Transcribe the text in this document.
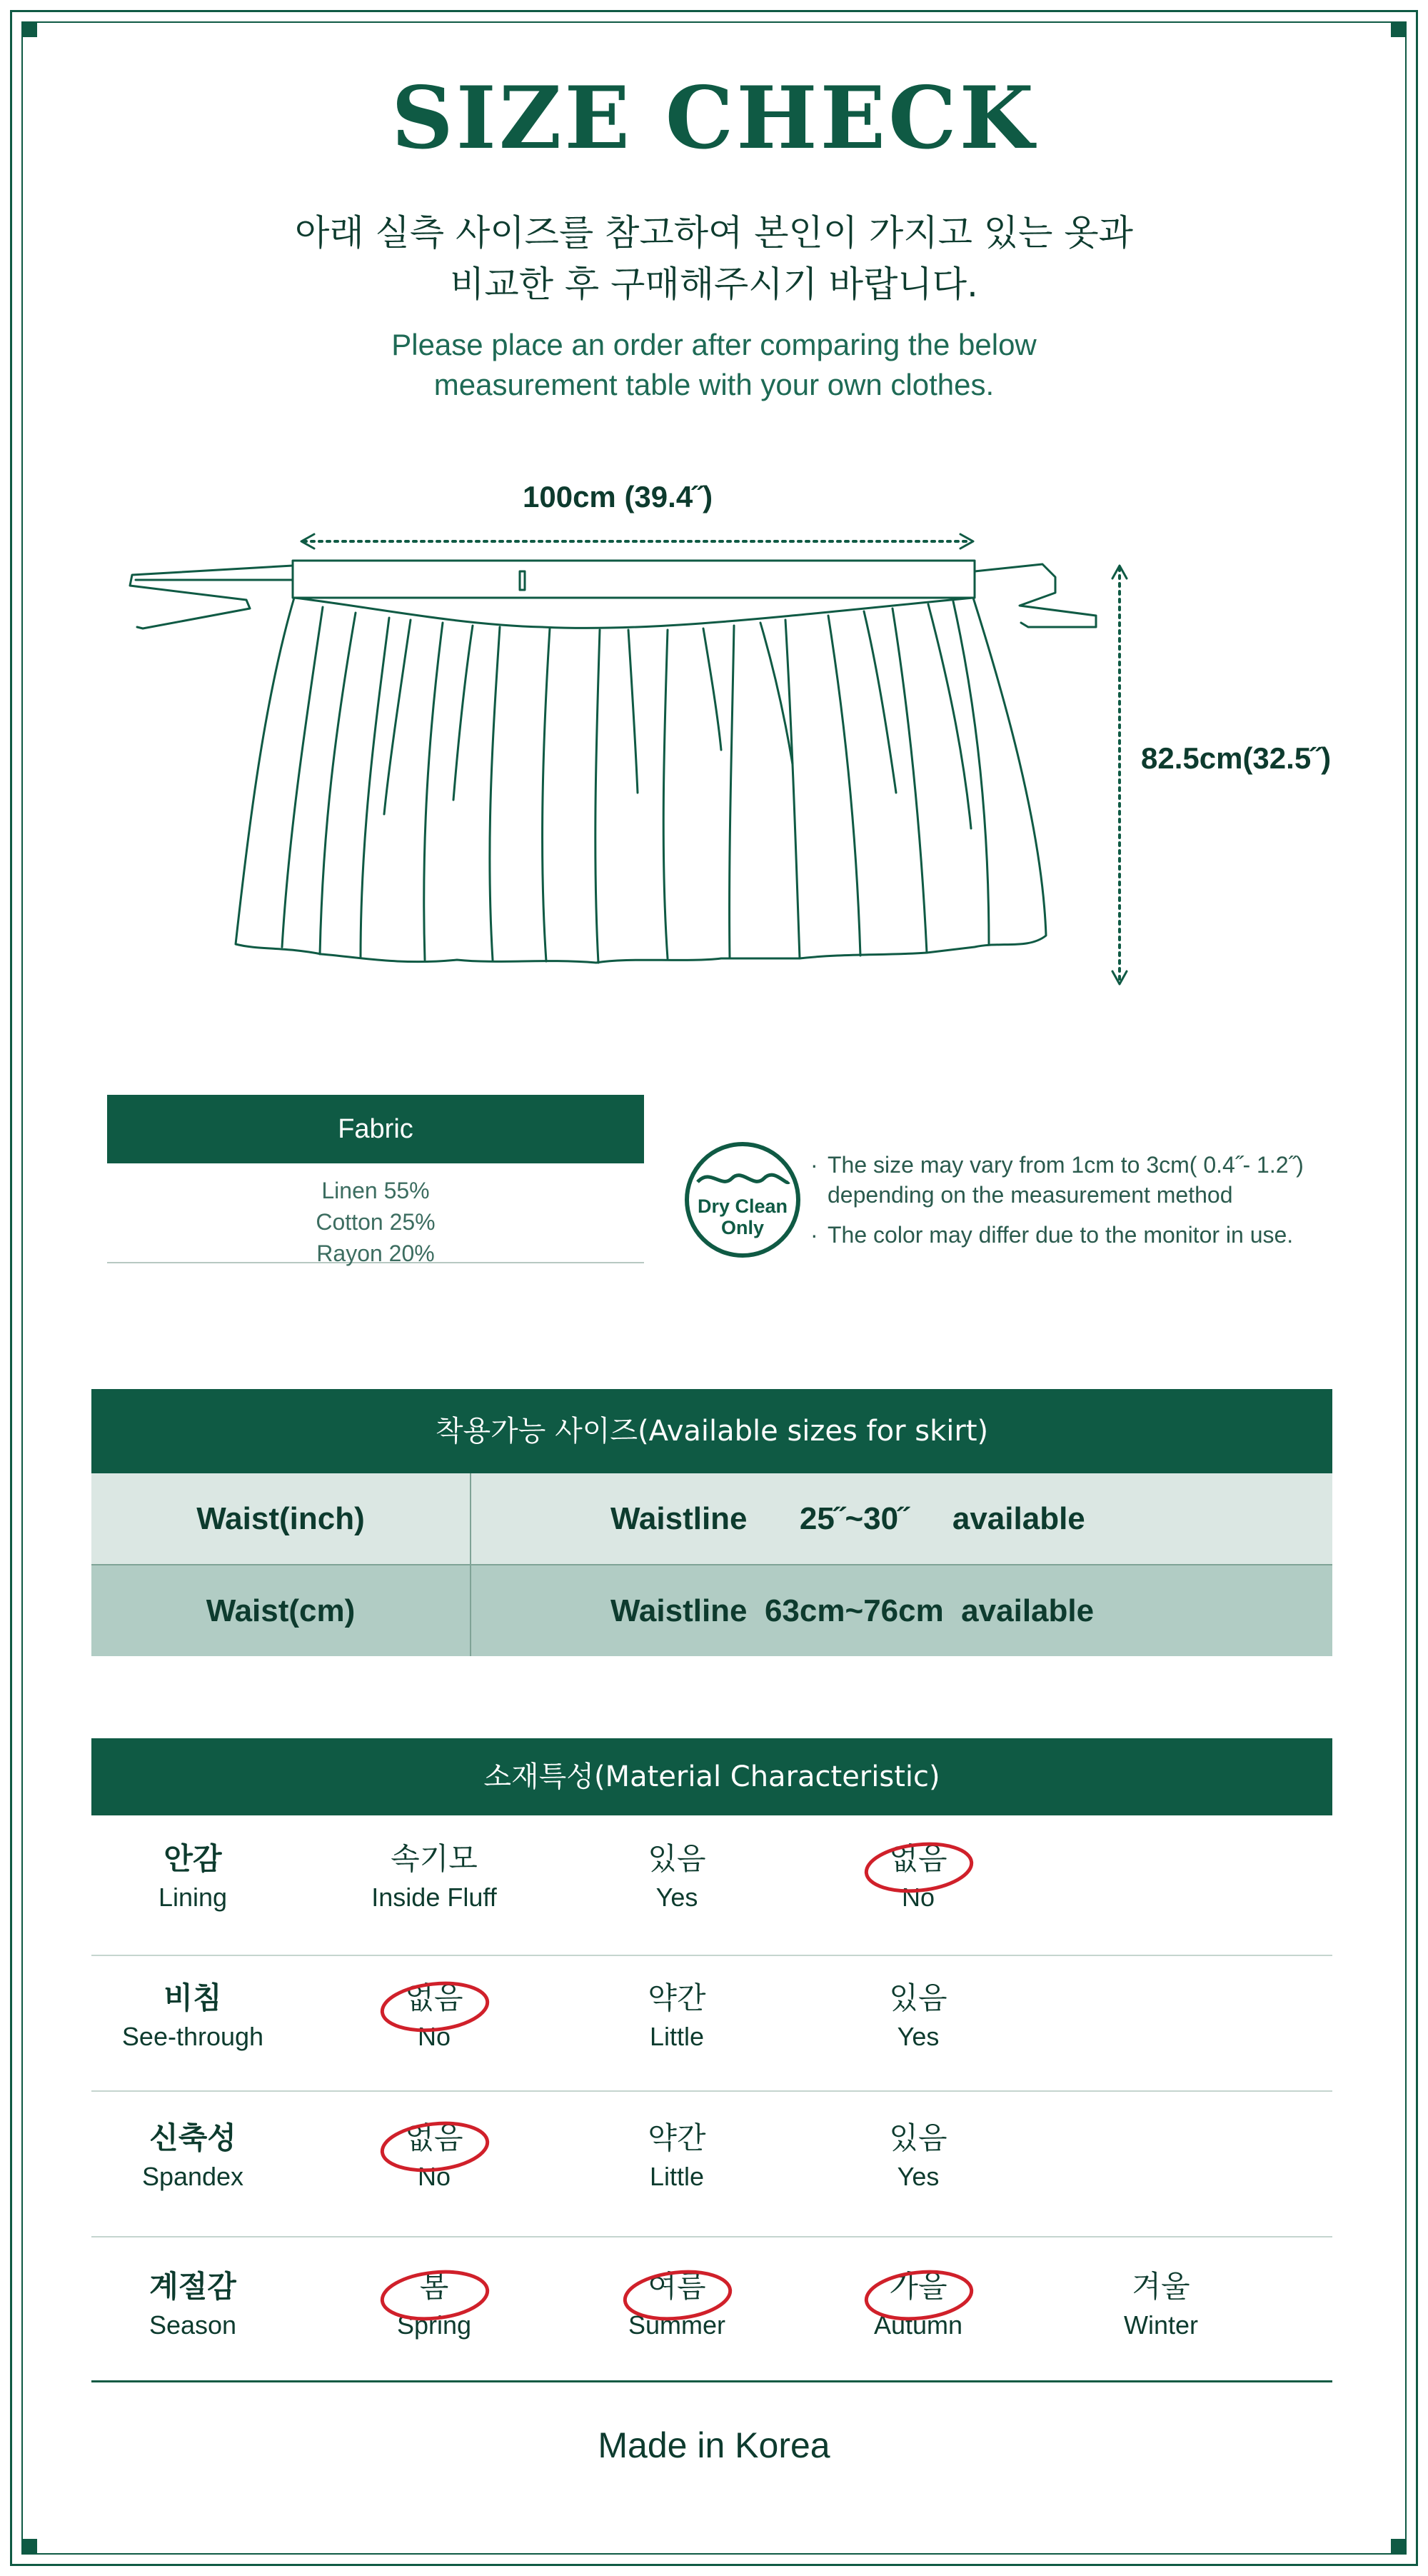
SIZE CHECK
아래 실측 사이즈를 참고하여 본인이 가지고 있는 옷과
비교한 후 구매해주시기 바랍니다.
Please place an order after comparing the below
measurement table with your own clothes.
100cm (39.4˝)
82.5cm(32.5˝)
Fabric
Linen 55%
Cotton 25%
Rayon 20%
Dry Clean
Only
· The size may vary from 1cm to 3cm( 0.4˝- 1.2˝)
depending on the measurement method
· The color may differ due to the monitor in use.
착용가능 사이즈(Available sizes for skirt)
Waist(inch)	Waistline      25˝~30˝     available
Waist(cm)	Waistline  63cm~76cm  available
소재특성(Material Characteristic)
안감
Lining
속기모
Inside Fluff
있음
Yes
없음
No
비침
See-through
없음
No
약간
Little
있음
Yes
신축성
Spandex
없음
No
약간
Little
있음
Yes
계절감
Season
봄
Spring
여름
Summer
가을
Autumn
겨울
Winter
Made in Korea
